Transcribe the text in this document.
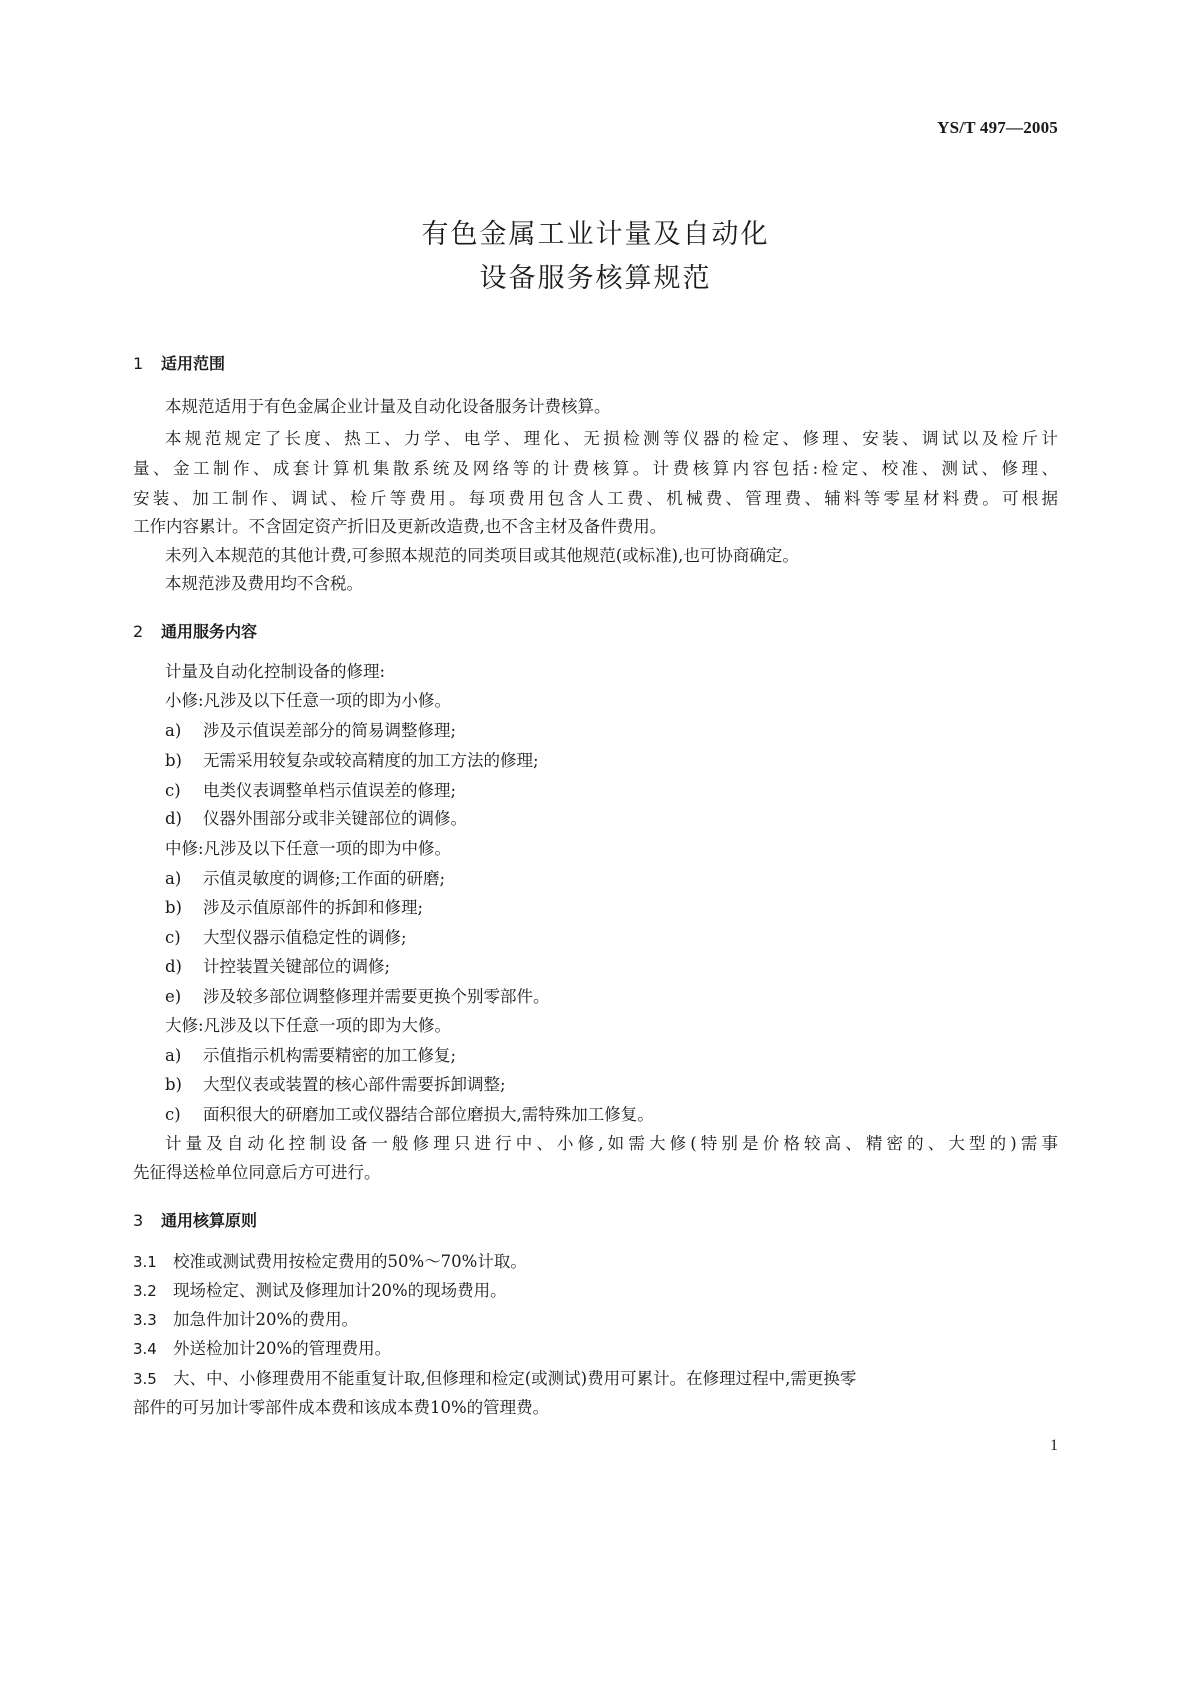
YS/T 497—2005
有色金属工业计量及自动化
设备服务核算规范
1 适用范围
本规范适用于有色金属企业计量及自动化设备服务计费核算。
本规范规定了长度、热工、力学、电学、理化、无损检测等仪器的检定、修理、安装、调试以及检斤计
量、金工制作、成套计算机集散系统及网络等的计费核算。计费核算内容包括:检定、校准、测试、修理、
安装、加工制作、调试、检斤等费用。每项费用包含人工费、机械费、管理费、辅料等零星材料费。可根据
工作内容累计。不含固定资产折旧及更新改造费,也不含主材及备件费用。
未列入本规范的其他计费,可参照本规范的同类项目或其他规范(或标准),也可协商确定。
本规范涉及费用均不含税。
2 通用服务内容
计量及自动化控制设备的修理:
小修:凡涉及以下任意一项的即为小修。
a) 涉及示值误差部分的简易调整修理;
b) 无需采用较复杂或较高精度的加工方法的修理;
c) 电类仪表调整单档示值误差的修理;
d) 仪器外围部分或非关键部位的调修。
中修:凡涉及以下任意一项的即为中修。
a) 示值灵敏度的调修;工作面的研磨;
b) 涉及示值原部件的拆卸和修理;
c) 大型仪器示值稳定性的调修;
d) 计控装置关键部位的调修;
e) 涉及较多部位调整修理并需要更换个别零部件。
大修:凡涉及以下任意一项的即为大修。
a) 示值指示机构需要精密的加工修复;
b) 大型仪表或装置的核心部件需要拆卸调整;
c) 面积很大的研磨加工或仪器结合部位磨损大,需特殊加工修复。
计量及自动化控制设备一般修理只进行中、小修,如需大修(特别是价格较高、精密的、大型的)需事
先征得送检单位同意后方可进行。
3 通用核算原则
3.1 校准或测试费用按检定费用的50%～70%计取。
3.2 现场检定、测试及修理加计20%的现场费用。
3.3 加急件加计20%的费用。
3.4 外送检加计20%的管理费用。
3.5 大、中、小修理费用不能重复计取,但修理和检定(或测试)费用可累计。在修理过程中,需更换零
部件的可另加计零部件成本费和该成本费10%的管理费。
1
